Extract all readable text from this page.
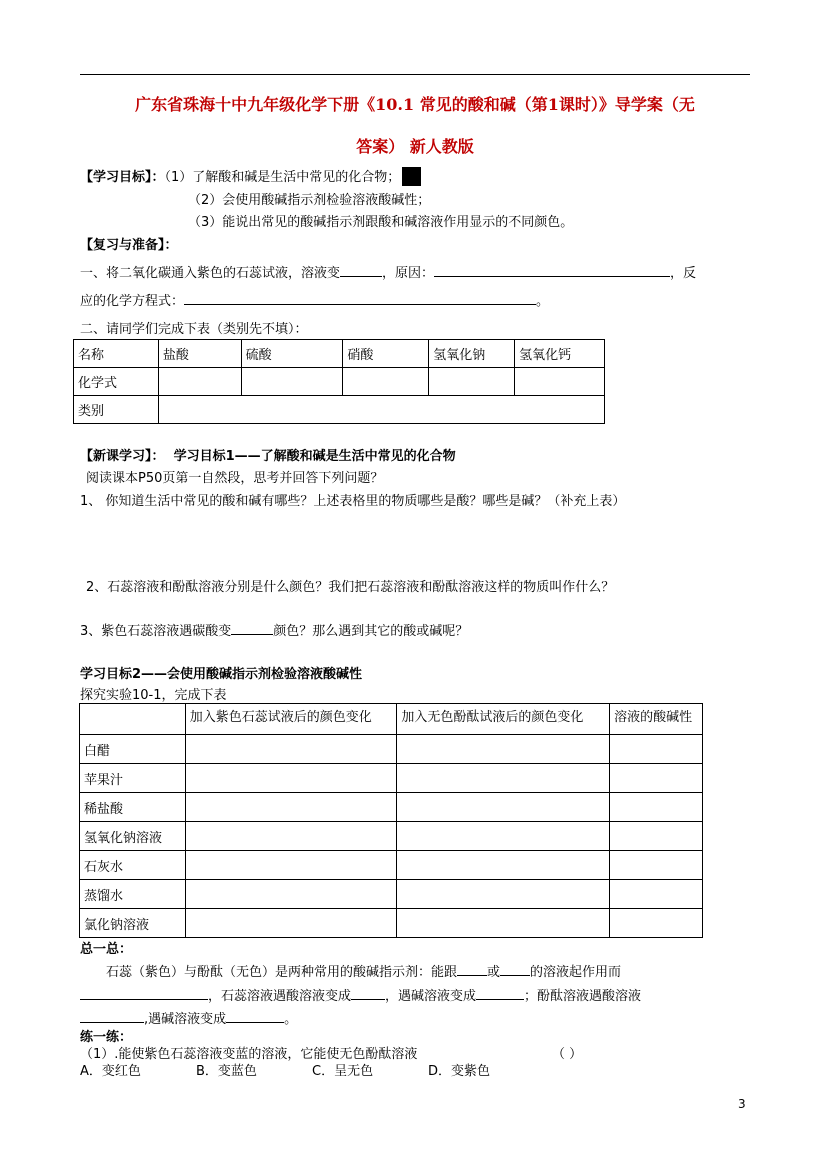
广东省珠海十中九年级化学下册《10.1 常见的酸和碱（第1课时）》导学案（无
答案） 新人教版
【学习目标】：（1）了解酸和碱是生活中常见的化合物；
（2）会使用酸碱指示剂检验溶液酸碱性；
（3）能说出常见的酸碱指示剂跟酸和碱溶液作用显示的不同颜色。
【复习与准备】：
一、将二氧化碳通入紫色的石蕊试液，溶液变	，原因：	，反
应的化学方程式：	。
二、请同学们完成下表（类别先不填）：
名称	盐酸	硫酸	硝酸	氢氧化钠	氢氧化钙
化学式					
类别					
【新课学习】： 学习目标1——了解酸和碱是生活中常见的化合物
阅读课本P50页第一自然段，思考并回答下列问题？
1、 你知道生活中常见的酸和碱有哪些？上述表格里的物质哪些是酸？哪些是碱？（补充上表）
2、石蕊溶液和酚酞溶液分别是什么颜色？我们把石蕊溶液和酚酞溶液这样的物质叫作什么？
3、紫色石蕊溶液遇碳酸变	颜色？那么遇到其它的酸或碱呢？
学习目标2——会使用酸碱指示剂检验溶液酸碱性
探究实验10-1，完成下表
	加入紫色石蕊试液后的颜色变化	加入无色酚酞试液后的颜色变化	溶液的酸碱性
白醋			
苹果汁			
稀盐酸			
氢氧化钠溶液			
石灰水			
蒸馏水			
氯化钠溶液			
总一总：
石蕊（紫色）与酚酞（无色）是两种常用的酸碱指示剂：能跟 或 的溶液起作用而
，石蕊溶液遇酸溶液变成	，遇碱溶液变成	；酚酞溶液遇酸溶液
,遇碱溶液变成	。
练一练：
（1）.能使紫色石蕊溶液变蓝的溶液，它能使无色酚酞溶液	（ ）
A．变红色	B．变蓝色	C．呈无色	D．变紫色
3
